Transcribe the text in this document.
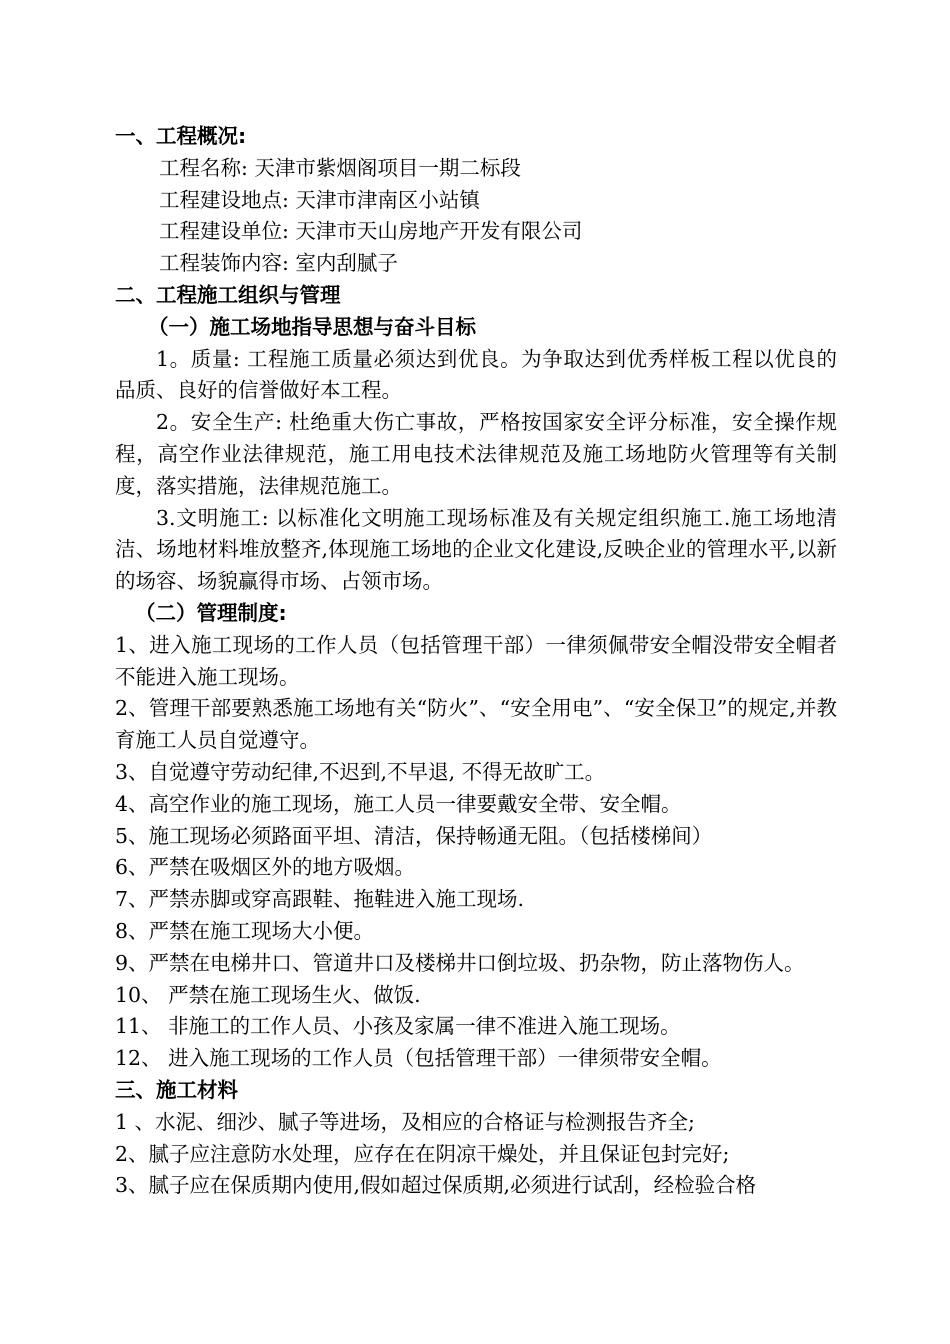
一、工程概况:
工程名称: 天津市紫烟阁项目一期二标段
工程建设地点: 天津市津南区小站镇
工程建设单位: 天津市天山房地产开发有限公司
工程装饰内容: 室内刮腻子
二、工程施工组织与管理
（一）施工场地指导思想与奋斗目标
1。质量: 工程施工质量必须达到优良。为争取达到优秀样板工程以优良的品质、良好的信誉做好本工程。
2。安全生产: 杜绝重大伤亡事故，严格按国家安全评分标准，安全操作规程，高空作业法律规范，施工用电技术法律规范及施工场地防火管理等有关制度，落实措施，法律规范施工。
3.文明施工: 以标准化文明施工现场标准及有关规定组织施工.施工场地清洁、场地材料堆放整齐,体现施工场地的企业文化建设,反映企业的管理水平,以新的场容、场貌赢得市场、占领市场。
（二）管理制度:
1、进入施工现场的工作人员（包括管理干部）一律须佩带安全帽没带安全帽者不能进入施工现场。
2、管理干部要熟悉施工场地有关“防火”、“安全用电”、“安全保卫”的规定,并教育施工人员自觉遵守。
3、自觉遵守劳动纪律,不迟到,不早退, 不得无故旷工。
4、高空作业的施工现场，施工人员一律要戴安全带、安全帽。
5、施工现场必须路面平坦、清洁，保持畅通无阻。（包括楼梯间）
6、严禁在吸烟区外的地方吸烟。
7、严禁赤脚或穿高跟鞋、拖鞋进入施工现场.
8、严禁在施工现场大小便。
9、严禁在电梯井口、管道井口及楼梯井口倒垃圾、扔杂物，防止落物伤人。
10、 严禁在施工现场生火、做饭.
11、 非施工的工作人员、小孩及家属一律不准进入施工现场。
12、 进入施工现场的工作人员（包括管理干部）一律须带安全帽。
三、施工材料
1 、水泥、细沙、腻子等进场，及相应的合格证与检测报告齐全;
2、腻子应注意防水处理，应存在在阴凉干燥处，并且保证包封完好;
3、腻子应在保质期内使用,假如超过保质期,必须进行试刮，经检验合格
